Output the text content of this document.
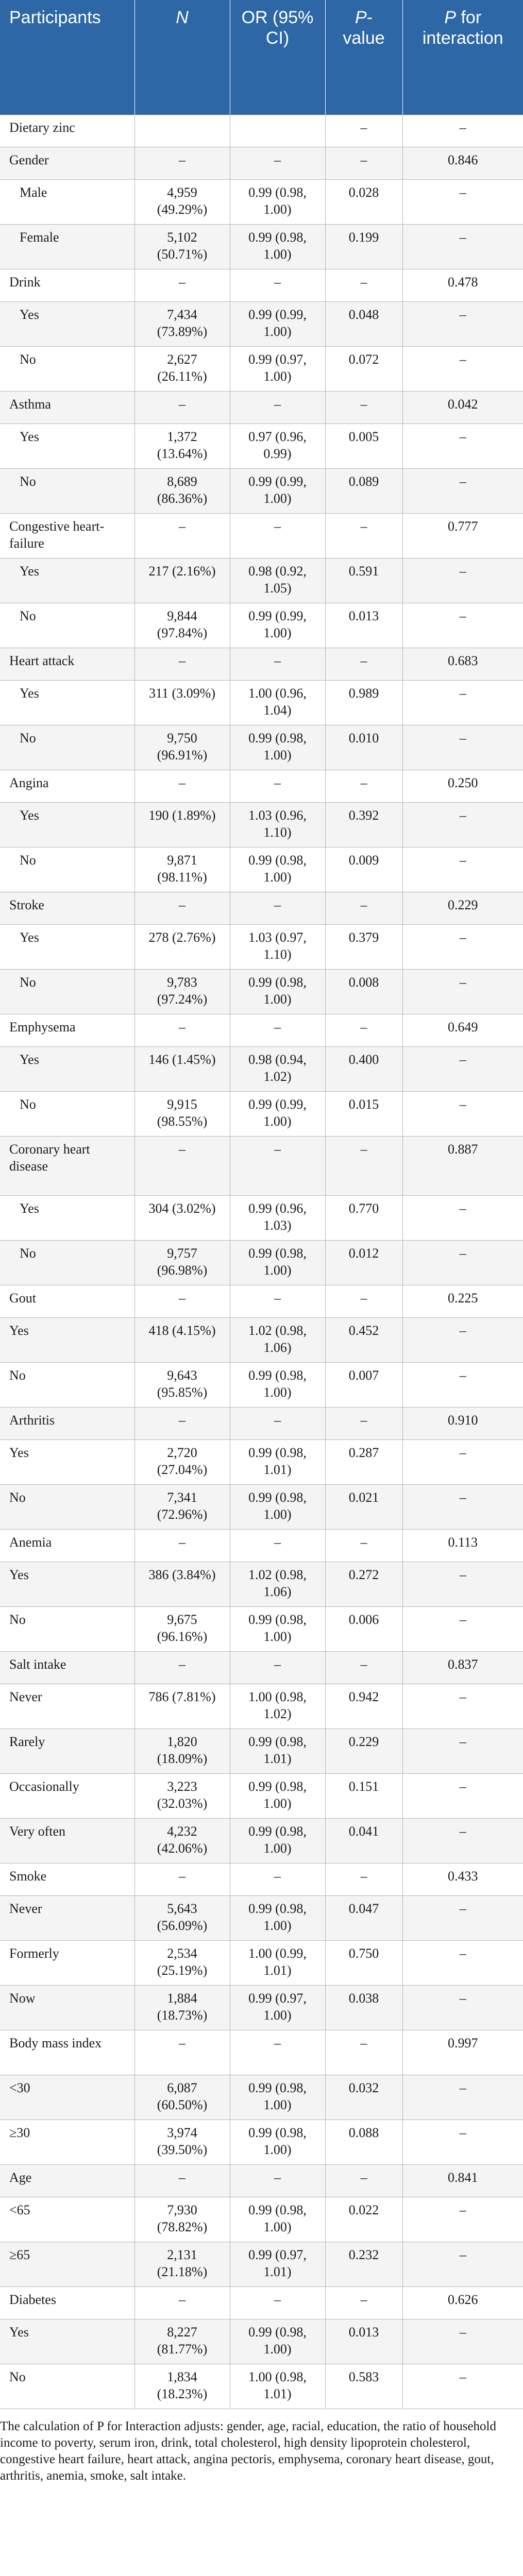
Participants	N	OR (95% CI)	P-value	P for interaction
Dietary zinc			–	–
Gender	–	–	–	0.846
Male	4,959 (49.29%)	0.99 (0.98, 1.00)	0.028	–
Female	5,102 (50.71%)	0.99 (0.98, 1.00)	0.199	–
Drink	–	–	–	0.478
Yes	7,434 (73.89%)	0.99 (0.99, 1.00)	0.048	–
No	2,627 (26.11%)	0.99 (0.97, 1.00)	0.072	–
Asthma	–	–	–	0.042
Yes	1,372 (13.64%)	0.97 (0.96, 0.99)	0.005	–
No	8,689 (86.36%)	0.99 (0.99, 1.00)	0.089	–
Congestive heart-failure	–	–	–	0.777
Yes	217 (2.16%)	0.98 (0.92, 1.05)	0.591	–
No	9,844 (97.84%)	0.99 (0.99, 1.00)	0.013	–
Heart attack	–	–	–	0.683
Yes	311 (3.09%)	1.00 (0.96, 1.04)	0.989	–
No	9,750 (96.91%)	0.99 (0.98, 1.00)	0.010	–
Angina	–	–	–	0.250
Yes	190 (1.89%)	1.03 (0.96, 1.10)	0.392	–
No	9,871 (98.11%)	0.99 (0.98, 1.00)	0.009	–
Stroke	–	–	–	0.229
Yes	278 (2.76%)	1.03 (0.97, 1.10)	0.379	–
No	9,783 (97.24%)	0.99 (0.98, 1.00)	0.008	–
Emphysema	–	–	–	0.649
Yes	146 (1.45%)	0.98 (0.94, 1.02)	0.400	–
No	9,915 (98.55%)	0.99 (0.99, 1.00)	0.015	–
Coronary heart disease	–	–	–	0.887
Yes	304 (3.02%)	0.99 (0.96, 1.03)	0.770	–
No	9,757 (96.98%)	0.99 (0.98, 1.00)	0.012	–
Gout	–	–	–	0.225
Yes	418 (4.15%)	1.02 (0.98, 1.06)	0.452	–
No	9,643 (95.85%)	0.99 (0.98, 1.00)	0.007	–
Arthritis	–	–	–	0.910
Yes	2,720 (27.04%)	0.99 (0.98, 1.01)	0.287	–
No	7,341 (72.96%)	0.99 (0.98, 1.00)	0.021	–
Anemia	–	–	–	0.113
Yes	386 (3.84%)	1.02 (0.98, 1.06)	0.272	–
No	9,675 (96.16%)	0.99 (0.98, 1.00)	0.006	–
Salt intake	–	–	–	0.837
Never	786 (7.81%)	1.00 (0.98, 1.02)	0.942	–
Rarely	1,820 (18.09%)	0.99 (0.98, 1.01)	0.229	–
Occasionally	3,223 (32.03%)	0.99 (0.98, 1.00)	0.151	–
Very often	4,232 (42.06%)	0.99 (0.98, 1.00)	0.041	–
Smoke	–	–	–	0.433
Never	5,643 (56.09%)	0.99 (0.98, 1.00)	0.047	–
Formerly	2,534 (25.19%)	1.00 (0.99, 1.01)	0.750	–
Now	1,884 (18.73%)	0.99 (0.97, 1.00)	0.038	–
Body mass index	–	–	–	0.997
<30	6,087 (60.50%)	0.99 (0.98, 1.00)	0.032	–
≥30	3,974 (39.50%)	0.99 (0.98, 1.00)	0.088	–
Age	–	–	–	0.841
<65	7,930 (78.82%)	0.99 (0.98, 1.00)	0.022	–
≥65	2,131 (21.18%)	0.99 (0.97, 1.01)	0.232	–
Diabetes	–	–	–	0.626
Yes	8,227 (81.77%)	0.99 (0.98, 1.00)	0.013	–
No	1,834 (18.23%)	1.00 (0.98, 1.01)	0.583	–

The calculation of P for Interaction adjusts: gender, age, racial, education, the ratio of household income to poverty, serum iron, drink, total cholesterol, high density lipoprotein cholesterol, congestive heart failure, heart attack, angina pectoris, emphysema, coronary heart disease, gout, arthritis, anemia, smoke, salt intake.
